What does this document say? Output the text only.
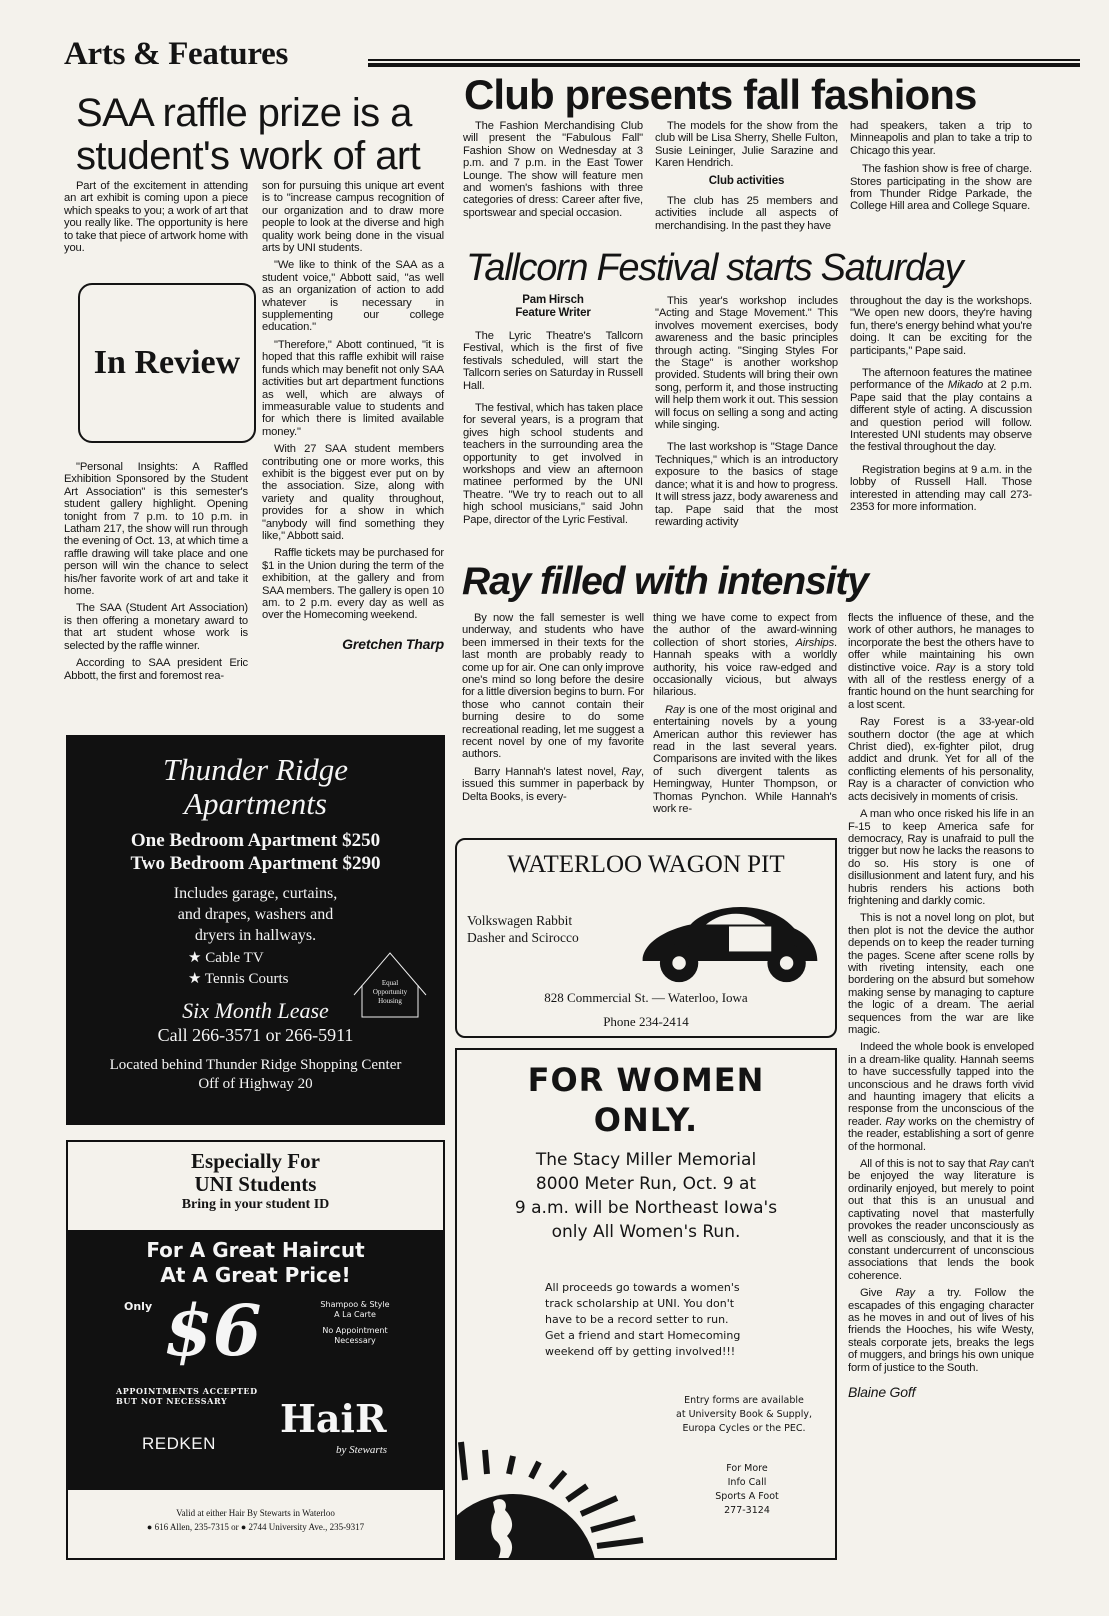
Arts & Features
SAA raffle prize is a student's work of art

Part of the excitement in attending an art exhibit is coming upon a piece which speaks to you; a work of art that you really like. The opportunity is here to take that piece of artwork home with you.

In Review

"Personal Insights: A Raffled Exhibition Sponsored by the Student Art Association" is this semester's student gallery highlight. Opening tonight from 7 p.m. to 10 p.m. in Latham 217, the show will run through the evening of Oct. 13, at which time a raffle drawing will take place and one person will win the chance to select his/her favorite work of art and take it home.

The SAA (Student Art Association) is then offering a monetary award to that art student whose work is selected by the raffle winner.

According to SAA president Eric Abbott, the first and foremost rea-

son for pursuing this unique art event is to "increase campus recognition of our organization and to draw more people to look at the diverse and high quality work being done in the visual arts by UNI students.

"We like to think of the SAA as a student voice," Abbott said, "as well as an organization of action to add whatever is necessary in supplementing our college education."

"Therefore," Abott continued, "it is hoped that this raffle exhibit will raise funds which may benefit not only SAA activities but art department functions as well, which are always of immeasurable value to students and for which there is limited available money."

With 27 SAA student members contributing one or more works, this exhibit is the biggest ever put on by the association. Size, along with variety and quality throughout, provides for a show in which "anybody will find something they like," Abbott said.

Raffle tickets may be purchased for $1 in the Union during the term of the exhibition, at the gallery and from SAA members. The gallery is open 10 am. to 2 p.m. every day as well as over the Homecoming weekend.

Gretchen Tharp
Club presents fall fashions

The Fashion Merchandising Club will present the "Fabulous Fall" Fashion Show on Wednesday at 3 p.m. and 7 p.m. in the East Tower Lounge. The show will feature men and women's fashions with three categories of dress: Career after five, sportswear and special occasion.

The models for the show from the club will be Lisa Sherry, Shelle Fulton, Susie Leininger, Julie Sarazine and Karen Hendrich.

Club activities

The club has 25 members and activities include all aspects of merchandising. In the past they have

had speakers, taken a trip to Minneapolis and plan to take a trip to Chicago this year.

The fashion show is free of charge. Stores participating in the show are from Thunder Ridge Parkade, the College Hill area and College Square.

Tallcorn Festival starts Saturday
Pam Hirsch
Feature Writer

The Lyric Theatre's Tallcorn Festival, which is the first of five festivals scheduled, will start the Tallcorn series on Saturday in Russell Hall.

The festival, which has taken place for several years, is a program that gives high school students and teachers in the surrounding area the opportunity to get involved in workshops and view an afternoon matinee performed by the UNI Theatre. "We try to reach out to all high school musicians," said John Pape, director of the Lyric Festival.

This year's workshop includes "Acting and Stage Movement." This involves movement exercises, body awareness and the basic principles through acting. "Singing Styles For the Stage" is another workshop provided. Students will bring their own song, perform it, and those instructing will help them work it out. This session will focus on selling a song and acting while singing.

The last workshop is "Stage Dance Techniques," which is an introductory exposure to the basics of stage dance; what it is and how to progress. It will stress jazz, body awareness and tap. Pape said that the most rewarding activity

throughout the day is the workshops. "We open new doors, they're having fun, there's energy behind what you're doing. It can be exciting for the participants," Pape said.

The afternoon features the matinee performance of the Mikado at 2 p.m. Pape said that the play contains a different style of acting. A discussion and question period will follow. Interested UNI students may observe the festival throughout the day.

Registration begins at 9 a.m. in the lobby of Russell Hall. Those interested in attending may call 273-2353 for more information.

Ray filled with intensity

By now the fall semester is well underway, and students who have been immersed in their texts for the last month are probably ready to come up for air. One can only improve one's mind so long before the desire for a little diversion begins to burn. For those who cannot contain their burning desire to do some recreational reading, let me suggest a recent novel by one of my favorite authors.

Barry Hannah's latest novel, Ray, issued this summer in paperback by Delta Books, is every-

thing we have come to expect from the author of the award-winning collection of short stories, Airships. Hannah speaks with a worldly authority, his voice raw-edged and occasionally vicious, but always hilarious.

Ray is one of the most original and entertaining novels by a young American author this reviewer has read in the last several years. Comparisons are invited with the likes of such divergent talents as Hemingway, Hunter Thompson, or Thomas Pynchon. While Hannah's work re-

flects the influence of these, and the work of other authors, he manages to incorporate the best the others have to offer while maintaining his own distinctive voice. Ray is a story told with all of the restless energy of a frantic hound on the hunt searching for a lost scent.

Ray Forest is a 33-year-old southern doctor (the age at which Christ died), ex-fighter pilot, drug addict and drunk. Yet for all of the conflicting elements of his personality, Ray is a character of conviction who acts decisively in moments of crisis.

A man who once risked his life in an F-15 to keep America safe for democracy, Ray is unafraid to pull the trigger but now he lacks the reasons to do so. His story is one of disillusionment and latent fury, and his hubris renders his actions both frightening and darkly comic.

This is not a novel long on plot, but then plot is not the device the author depends on to keep the reader turning the pages. Scene after scene rolls by with riveting intensity, each one bordering on the absurd but somehow making sense by managing to capture the logic of a dream. The aerial sequences from the war are like magic.

Indeed the whole book is enveloped in a dream-like quality. Hannah seems to have successfully tapped into the unconscious and he draws forth vivid and haunting imagery that elicits a response from the unconscious of the reader. Ray works on the chemistry of the reader, establishing a sort of genre of the hormonal.

All of this is not to say that Ray can't be enjoyed the way literature is ordinarily enjoyed, but merely to point out that this is an unusual and captivating novel that masterfully provokes the reader unconsciously as well as consciously, and that it is the constant undercurrent of unconscious associations that lends the book coherence.

Give Ray a try. Follow the escapades of this engaging character as he moves in and out of lives of his friends the Hooches, his wife Westy, steals corporate jets, breaks the legs of muggers, and brings his own unique form of justice to the South.

Blaine Goff
Thunder Ridge
Apartments
One Bedroom Apartment $250
Two Bedroom Apartment $290
Includes garage, curtains,
and drapes, washers and
dryers in hallways.
★ Cable TV
★ Tennis Courts
Six Month Lease
Call 266-3571 or 266-5911
Located behind Thunder Ridge Shopping Center
Off of Highway 20
Equal Opportunity Housing
Especially For
UNI Students
Bring in your student ID
For A Great Haircut
At A Great Price!
Only $6	Shampoo & Style
A La Carte
No Appointment
Necessary
APPOINTMENTS ACCEPTED
BUT NOT NECESSARY
REDKEN
HaiR
by Stewarts
Valid at either Hair By Stewarts in Waterloo
● 616 Allen, 235-7315 or ● 2744 University Ave., 235-9317
WATERLOO WAGON PIT
Volkswagen Rabbit
Dasher and Scirocco
828 Commercial St. — Waterloo, Iowa
Phone 234-2414
FOR WOMEN
ONLY.
The Stacy Miller Memorial
8000 Meter Run, Oct. 9 at
9 a.m. will be Northeast Iowa's
only All Women's Run.
All proceeds go towards a women's
track scholarship at UNI. You don't
have to be a record setter to run.
Get a friend and start Homecoming
weekend off by getting involved!!!
Entry forms are available
at University Book & Supply,
Europa Cycles or the PEC.
For More
Info Call
Sports A Foot
277-3124
